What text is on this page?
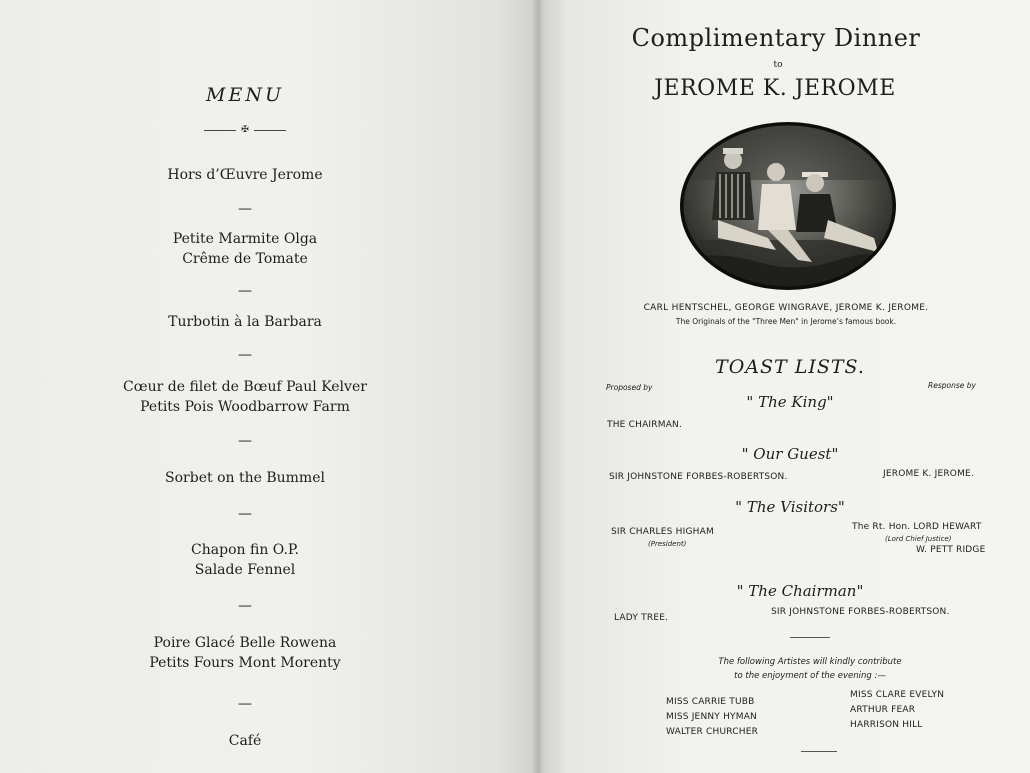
MENU
✠
Hors d’Œuvre Jerome
—
Petite Marmite Olga
Crême de Tomate
—
Turbotin à la Barbara
—
Cœur de filet de Bœuf Paul Kelver
Petits Pois Woodbarrow Farm
—
Sorbet on the Bummel
—
Chapon fin O.P.
Salade Fennel
—
Poire Glacé Belle Rowena
Petits Fours Mont Morenty
—
Café
Complimentary Dinner
to
JEROME K. JEROME
CARL HENTSCHEL, GEORGE WINGRAVE, JEROME K. JEROME.
The Originals of the "Three Men" in Jerome’s famous book.
TOAST LISTS.
Proposed by	Response by
" The King"
THE CHAIRMAN.
" Our Guest"
SIR JOHNSTONE FORBES-ROBERTSON.	JEROME K. JEROME.
" The Visitors"
SIR CHARLES HIGHAM
(President)
The Rt. Hon. LORD HEWART
(Lord Chief Justice)
W. PETT RIDGE
" The Chairman"
LADY TREE.
SIR JOHNSTONE FORBES-ROBERTSON.
The following Artistes will kindly contribute
to the enjoyment of the evening :—
MISS CARRIE TUBB
MISS JENNY HYMAN
WALTER CHURCHER
MISS CLARE EVELYN
ARTHUR FEAR
HARRISON HILL
